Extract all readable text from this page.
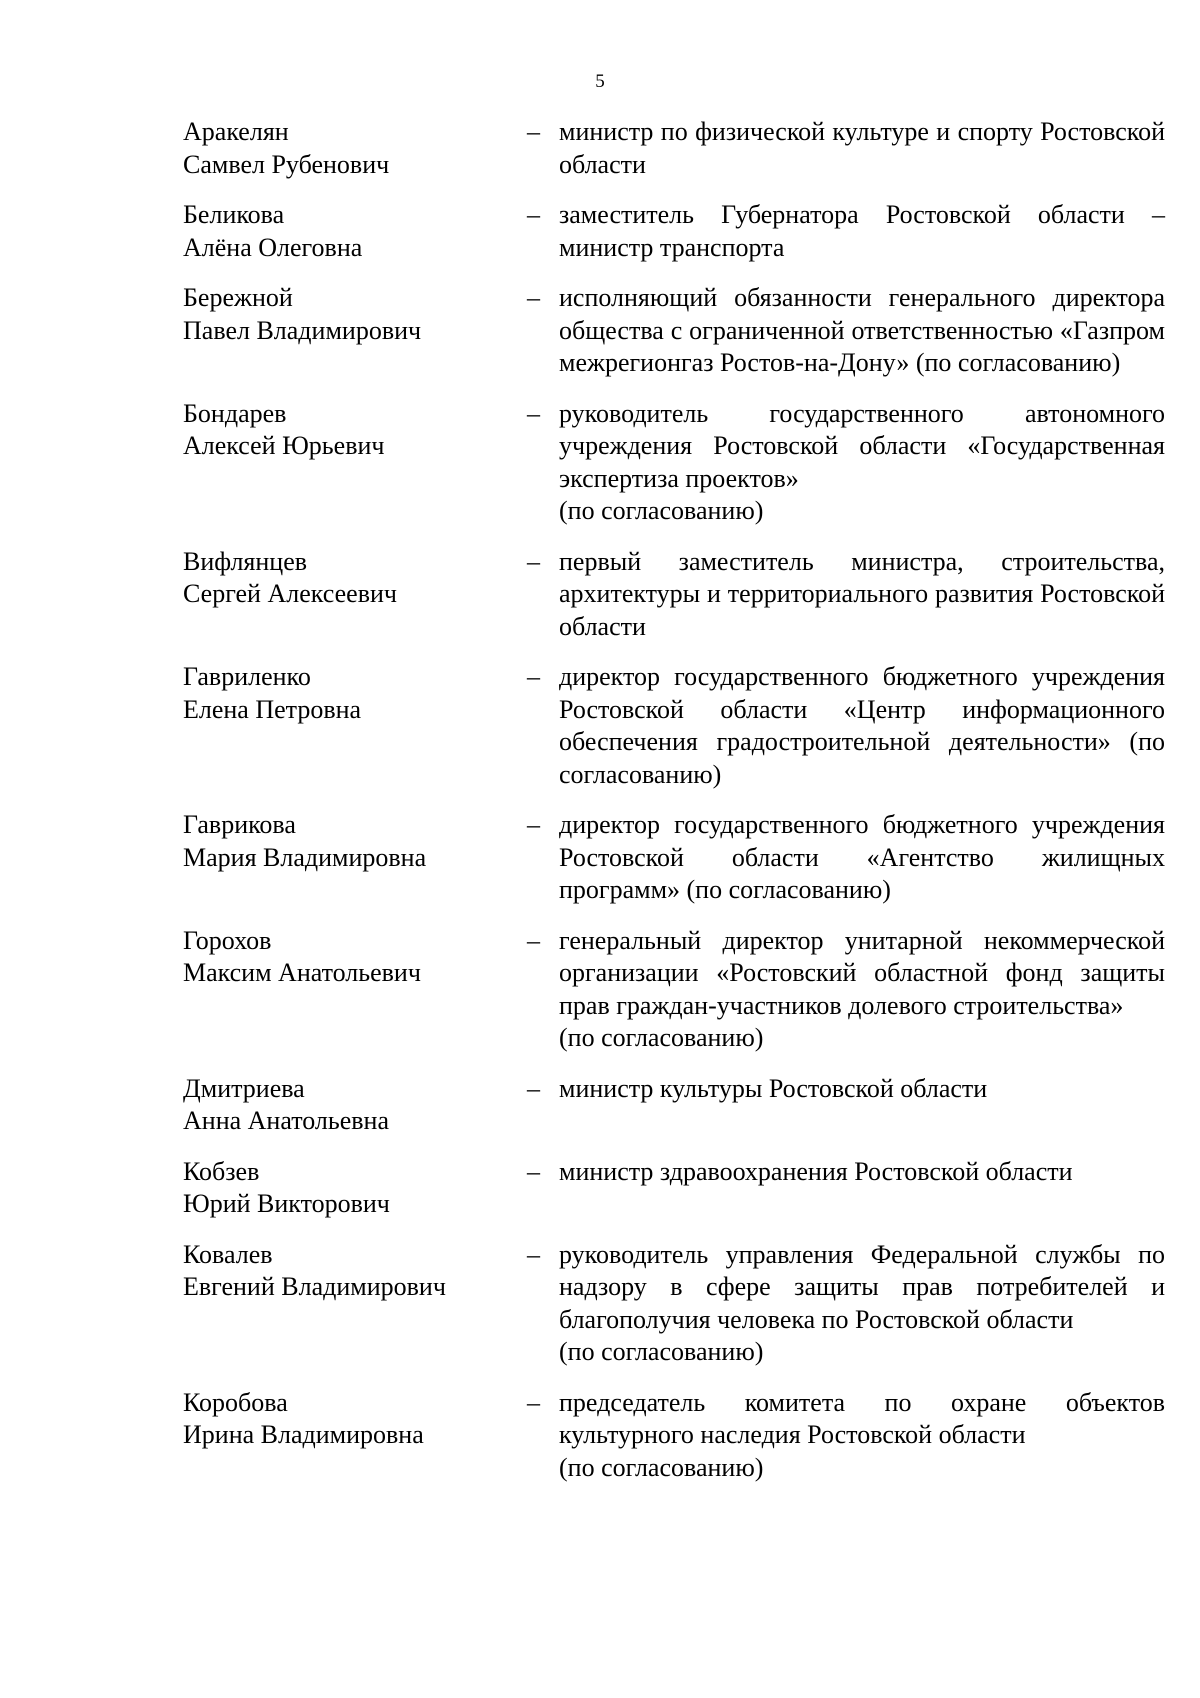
5
Аракелян
Самвел Рубенович
– министр по физической культуре и спорту Ростовской области
Беликова
Алёна Олеговна
– заместитель Губернатора Ростовской области – министр транспорта
Бережной
Павел Владимирович
– исполняющий обязанности генерального директора общества с ограниченной ответственностью «Газпром межрегионгаз Ростов-на-Дону» (по согласованию)
Бондарев
Алексей Юрьевич
– руководитель государственного автономного учреждения Ростовской области «Государственная экспертиза проектов»
(по согласованию)
Вифлянцев
Сергей Алексеевич
– первый заместитель министра, строительства, архитектуры и территориального развития Ростовской области
Гавриленко
Елена Петровна
– директор государственного бюджетного учреждения Ростовской области «Центр информационного обеспечения градостроительной деятельности» (по согласованию)
Гаврикова
Мария Владимировна
– директор государственного бюджетного учреждения Ростовской области «Агентство жилищных программ» (по согласованию)
Горохов
Максим Анатольевич
– генеральный директор унитарной некоммерческой организации «Ростовский областной фонд защиты прав граждан-участников долевого строительства»
(по согласованию)
Дмитриева
Анна Анатольевна
– министр культуры Ростовской области
Кобзев
Юрий Викторович
– министр здравоохранения Ростовской области
Ковалев
Евгений Владимирович
– руководитель управления Федеральной службы по надзору в сфере защиты прав потребителей и благополучия человека по Ростовской области
(по согласованию)
Коробова
Ирина Владимировна
– председатель комитета по охране объектов культурного наследия Ростовской области
(по согласованию)
